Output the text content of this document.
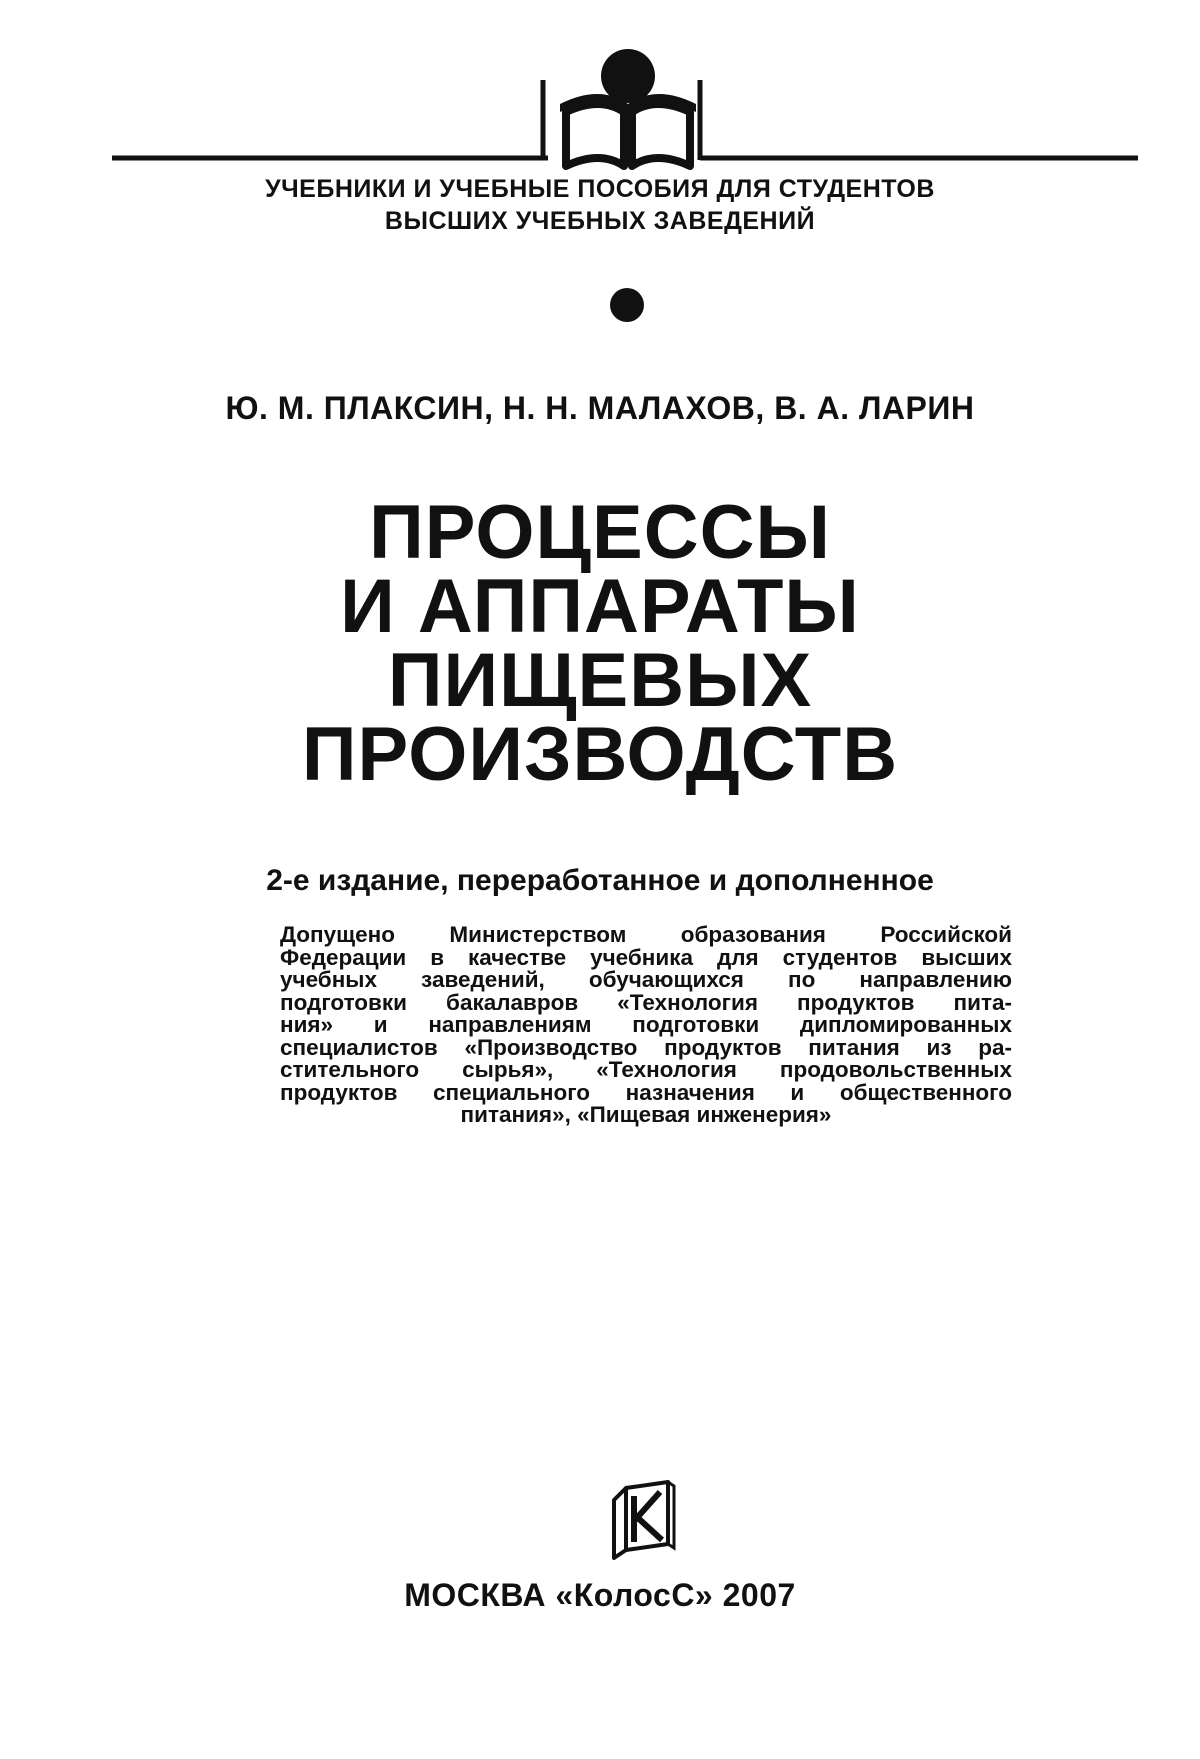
УЧЕБНИКИ И УЧЕБНЫЕ ПОСОБИЯ ДЛЯ СТУДЕНТОВ
ВЫСШИХ УЧЕБНЫХ ЗАВЕДЕНИЙ
Ю. М. ПЛАКСИН, Н. Н. МАЛАХОВ, В. А. ЛАРИН
ПРОЦЕССЫ
И АППАРАТЫ
ПИЩЕВЫХ
ПРОИЗВОДСТВ
2-е издание, переработанное и дополненное
Допущено Министерством образования Российской
Федерации в качестве учебника для студентов высших
учебных заведений, обучающихся по направлению
подготовки бакалавров «Технология продуктов пита-
ния» и направлениям подготовки дипломированных
специалистов «Производство продуктов питания из ра-
стительного сырья», «Технология продовольственных
продуктов специального назначения и общественного
питания», «Пищевая инженерия»
МОСКВА «КолосС» 2007
